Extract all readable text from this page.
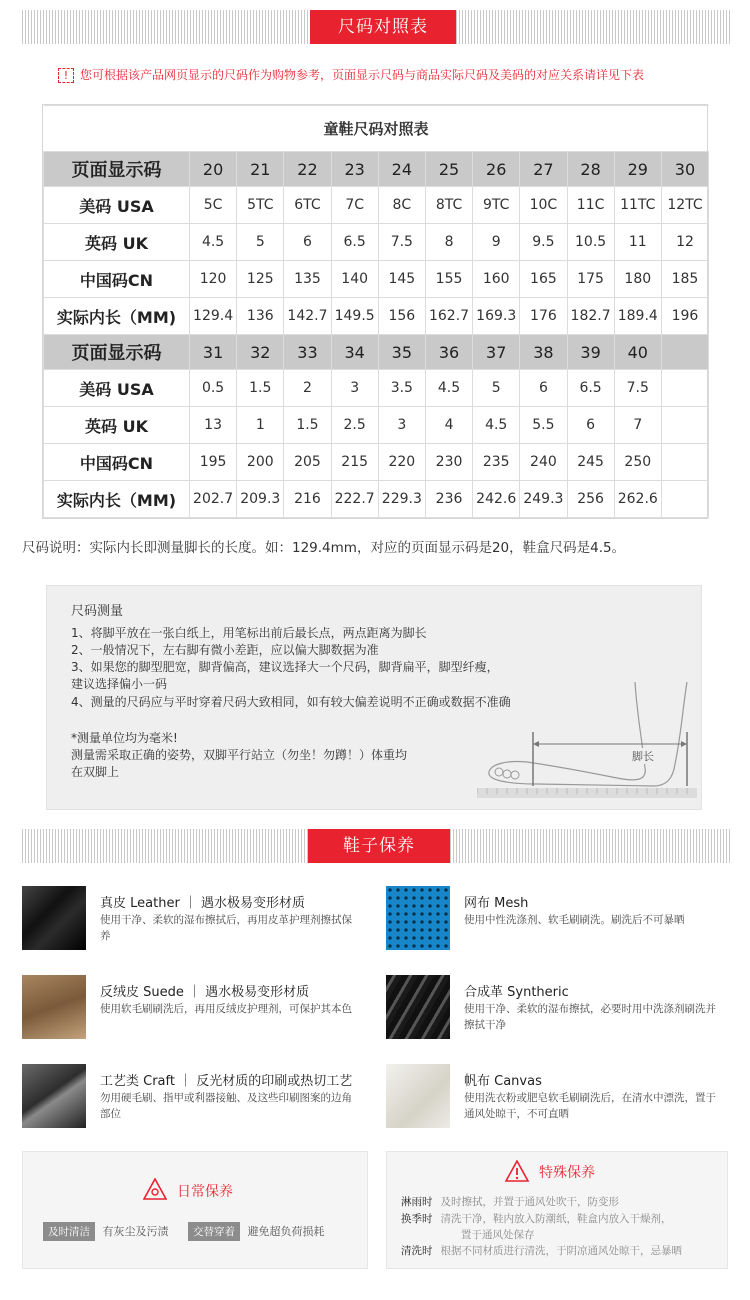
尺码对照表
! 您可根据该产品网页显示的尺码作为购物参考，页面显示尺码与商品实际尺码及美码的对应关系请详见下表
童鞋尺码对照表											
页面显示码	20	21	22	23	24	25	26	27	28	29	30
美码 USA	5C	5TC	6TC	7C	8C	8TC	9TC	10C	11C	11TC	12TC
英码 UK	4.5	5	6	6.5	7.5	8	9	9.5	10.5	11	12
中国码CN	120	125	135	140	145	155	160	165	175	180	185
实际内长（MM)	129.4	136	142.7	149.5	156	162.7	169.3	176	182.7	189.4	196
页面显示码	31	32	33	34	35	36	37	38	39	40	
美码 USA	0.5	1.5	2	3	3.5	4.5	5	6	6.5	7.5	
英码 UK	13	1	1.5	2.5	3	4	4.5	5.5	6	7	
中国码CN	195	200	205	215	220	230	235	240	245	250	
实际内长（MM)	202.7	209.3	216	222.7	229.3	236	242.6	249.3	256	262.6	
尺码说明：实际内长即测量脚长的长度。如：129.4mm，对应的页面显示码是20，鞋盒尺码是4.5。
尺码测量
1、将脚平放在一张白纸上，用笔标出前后最长点，两点距离为脚长
2、一般情况下，左右脚有微小差距，应以偏大脚数据为准
3、如果您的脚型肥宽，脚背偏高，建议选择大一个尺码，脚背扁平，脚型纤瘦，
建议选择偏小一码
4、测量的尺码应与平时穿着尺码大致相同，如有较大偏差说明不正确或数据不准确
*测量单位均为毫米!
测量需采取正确的姿势，双脚平行站立（勿坐！勿蹲！）体重均
在双脚上
脚长
鞋子保养
真皮 Leather ｜ 遇水极易变形材质
使用干净、柔软的湿布擦拭后，再用皮革护理剂擦拭保养
网布 Mesh
使用中性洗涤剂、软毛刷刷洗。刷洗后不可暴晒
反绒皮 Suede ｜ 遇水极易变形材质
使用软毛刷刷洗后，再用反绒皮护理剂，可保护其本色
合成革 Syntheric
使用干净、柔软的湿布擦拭，必要时用中洗涤剂刷洗并擦拭干净
工艺类 Craft ｜ 反光材质的印刷或热切工艺
勿用硬毛刷、指甲或利器接触、及这些印刷图案的边角部位
帆布 Canvas
使用洗衣粉或肥皂软毛刷刷洗后，在清水中漂洗，置于通风处晾干，不可直晒
日常保养
及时清洁 有灰尘及污渍 交替穿着 避免超负荷损耗
特殊保养
淋雨时 及时擦拭，并置于通风处吹干，防变形
换季时 清洗干净，鞋内放入防潮纸，鞋盒内放入干燥剂，
置于通风处保存
清洗时 根据不同材质进行清洗，于阴凉通风处晾干，忌暴晒
